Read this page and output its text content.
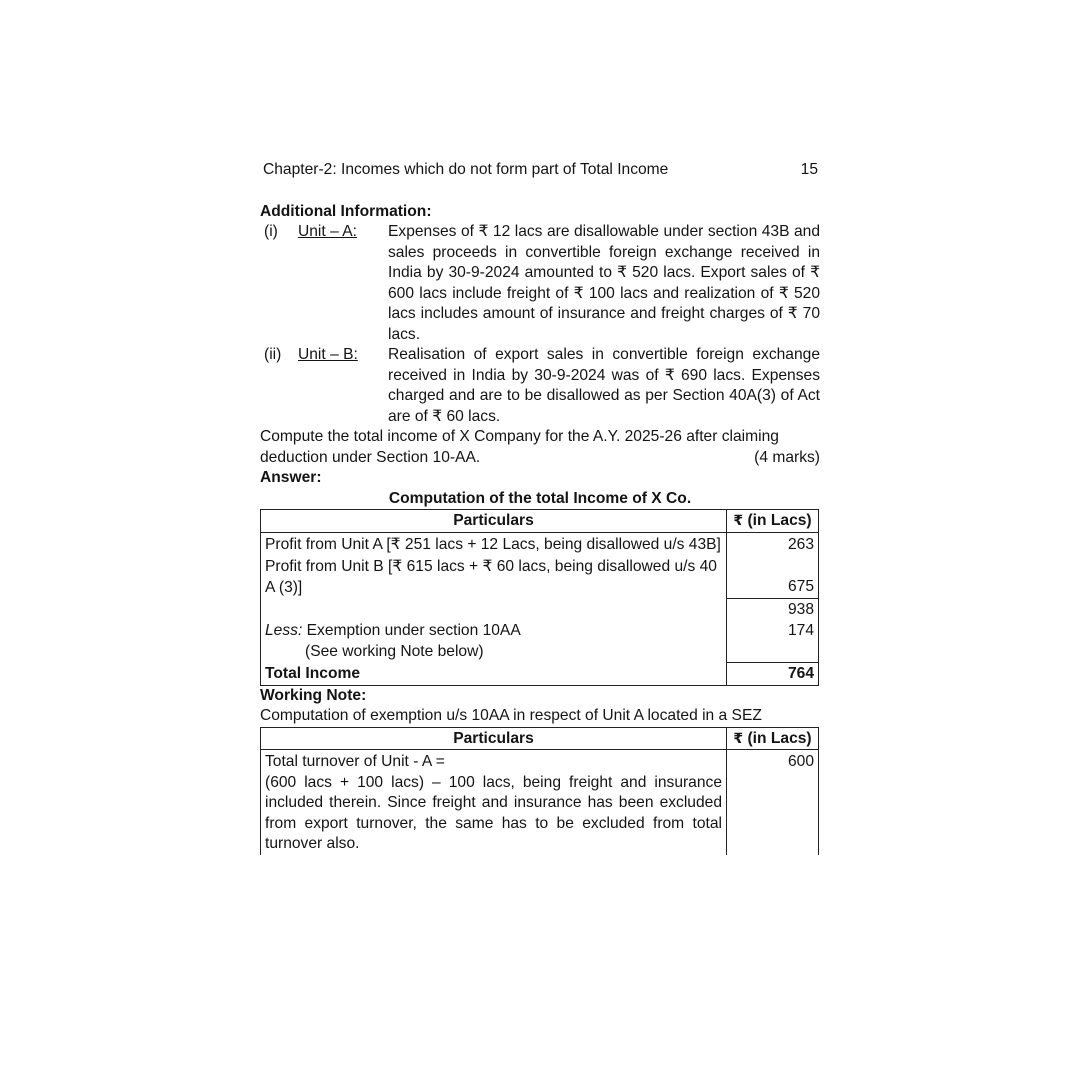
Chapter-2: Incomes which do not form part of Total Income	15
Additional Information:
(i)	Unit – A:	Expenses of ₹ 12 lacs are disallowable under section 43B and sales proceeds in convertible foreign exchange received in India by 30-9-2024 amounted to ₹ 520 lacs. Export sales of ₹ 600 lacs include freight of ₹ 100 lacs and realization of ₹ 520 lacs includes amount of insurance and freight charges of ₹ 70 lacs.
(ii)	Unit – B:	Realisation of export sales in convertible foreign exchange received in India by 30-9-2024 was of ₹ 690 lacs. Expenses charged and are to be disallowed as per Section 40A(3) of Act are of ₹ 60 lacs.
Compute the total income of X Company for the A.Y. 2025-26 after claiming
deduction under Section 10-AA.	(4 marks)
Answer:
Computation of the total Income of X Co.
Particulars	₹ (in Lacs)
Profit from Unit A [₹ 251 lacs + 12 Lacs, being disallowed u/s 43B]	263
Profit from Unit B [₹ 615 lacs + ₹ 60 lacs, being disallowed u/s 40 A (3)]	675
	938
Less: Exemption under section 10AA
(See working Note below)	174
Total Income	764
Working Note:
Computation of exemption u/s 10AA in respect of Unit A located in a SEZ
Particulars	₹ (in Lacs)

Total turnover of Unit - A =
(600 lacs + 100 lacs) – 100 lacs, being freight and insurance included therein. Since freight and insurance has been excluded from export turnover, the same has to be excluded from total turnover also.	600
